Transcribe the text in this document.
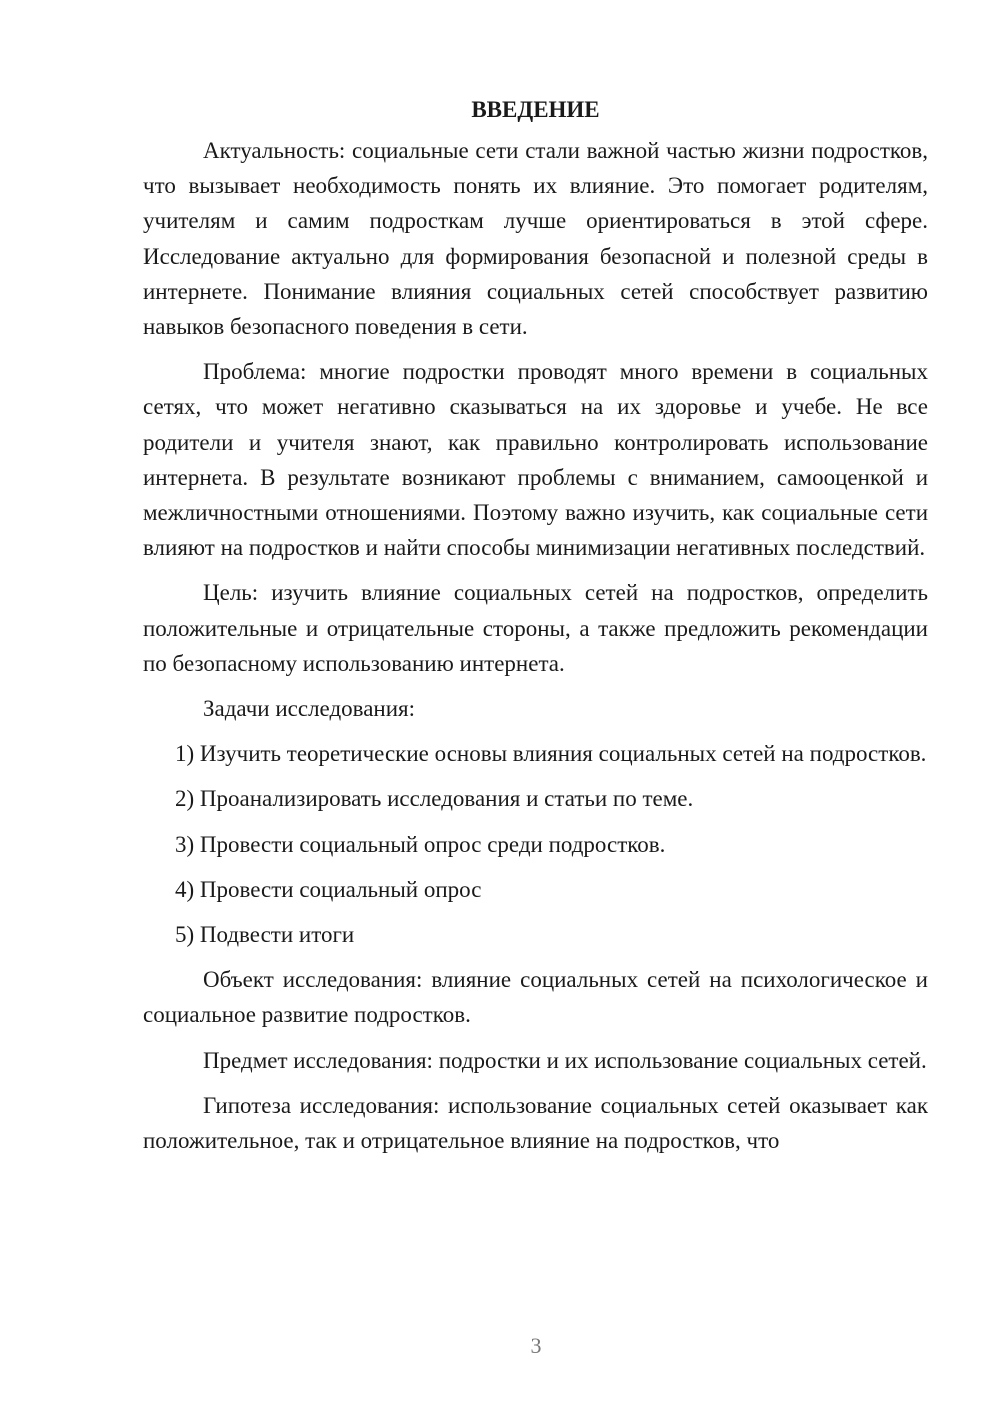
ВВЕДЕНИЕ

Актуальность: социальные сети стали важной частью жизни подростков, что вызывает необходимость понять их влияние. Это помогает родителям, учителям и самим подросткам лучше ориентироваться в этой сфере. Исследование актуально для формирования безопасной и полезной среды в интернете. Понимание влияния социальных сетей способствует развитию навыков безопасного поведения в сети.

Проблема: многие подростки проводят много времени в социальных сетях, что может негативно сказываться на их здоровье и учебе. Не все родители и учителя знают, как правильно контролировать использование интернета. В результате возникают проблемы с вниманием, самооценкой и межличностными отношениями. Поэтому важно изучить, как социальные сети влияют на подростков и найти способы минимизации негативных последствий.

Цель: изучить влияние социальных сетей на подростков, определить положительные и отрицательные стороны, а также предложить рекомендации по безопасному использованию интернета.

Задачи исследования:

1) Изучить теоретические основы влияния социальных сетей на подростков.

2) Проанализировать исследования и статьи по теме.

3) Провести социальный опрос среди подростков.

4) Провести социальный опрос

5) Подвести итоги

Объект исследования: влияние социальных сетей на психологическое и социальное развитие подростков.

Предмет исследования: подростки и их использование социальных сетей.

Гипотеза исследования: использование социальных сетей оказывает как положительное, так и отрицательное влияние на подростков, что

3
